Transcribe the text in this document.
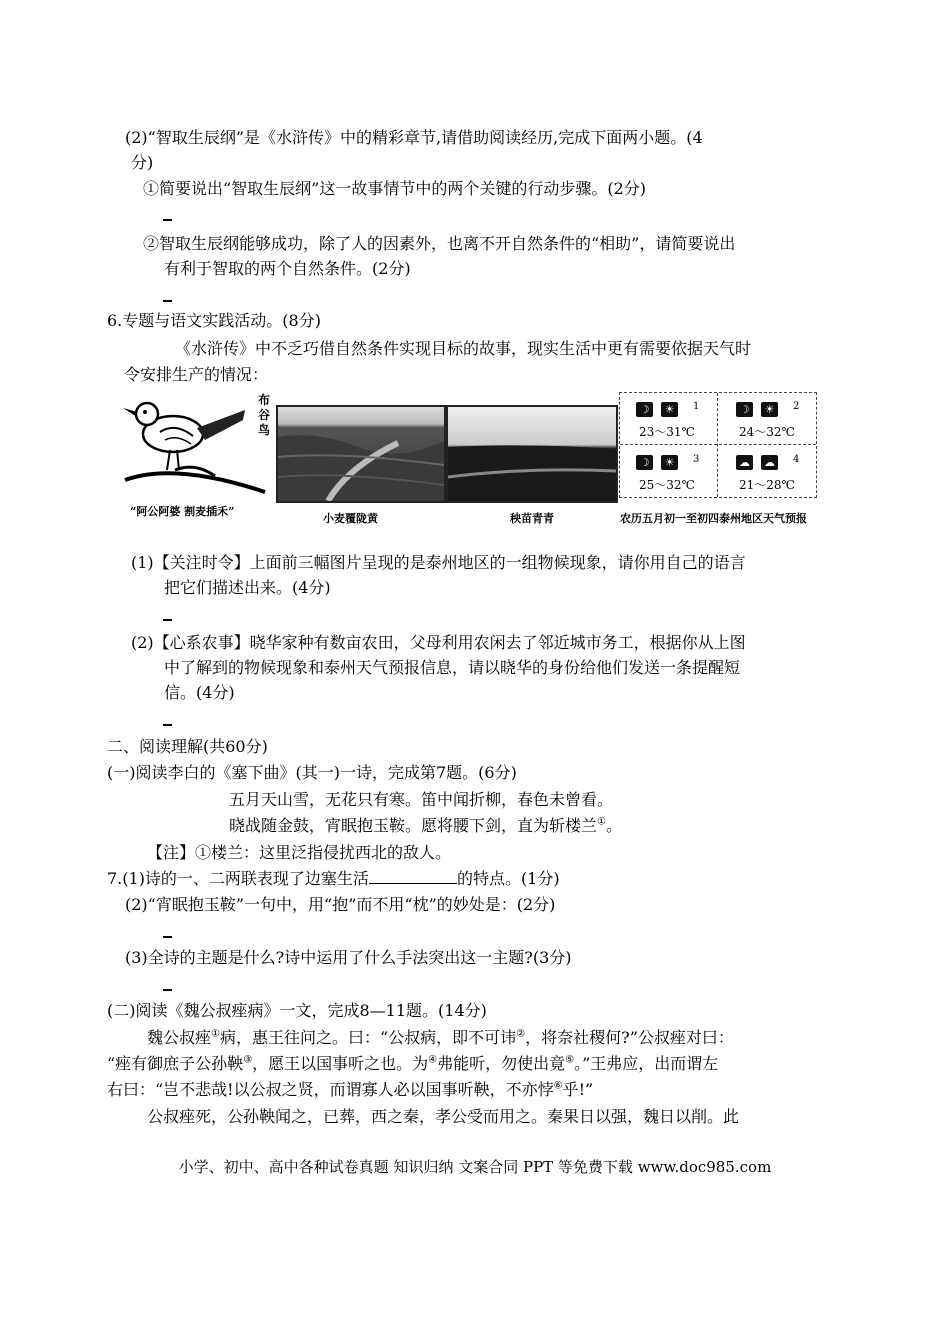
(2)“智取生辰纲”是《水浒传》中的精彩章节,请借助阅读经历,完成下面两小题。(4
分)
①简要说出“智取生辰纲”这一故事情节中的两个关键的行动步骤。(2分)
②智取生辰纲能够成功，除了人的因素外，也离不开自然条件的“相助”，请简要说出
有利于智取的两个自然条件。(2分)
6.专题与语文实践活动。(8分)
《水浒传》中不乏巧借自然条件实现目标的故事，现实生活中更有需要依据天气时
令安排生产的情况：
布谷鸟
“阿公阿婆 割麦插禾”
小麦覆陇黄	秧苗青青
☽	☀	1
23～31℃
☽	☀	2
24～32℃
☽	☀	3
25～32℃
☁ ☁	4
21～28℃
农历五月初一至初四泰州地区天气预报
(1)【关注时令】上面前三幅图片呈现的是泰州地区的一组物候现象，请你用自己的语言
把它们描述出来。(4分)
(2)【心系农事】晓华家种有数亩农田，父母利用农闲去了邻近城市务工，根据你从上图
中了解到的物候现象和泰州天气预报信息，请以晓华的身份给他们发送一条提醒短
信。(4分)
二、阅读理解(共60分)
(一)阅读李白的《塞下曲》(其一)一诗，完成第7题。(6分)
五月天山雪，无花只有寒。笛中闻折柳，春色未曾看。
晓战随金鼓，宵眠抱玉鞍。愿将腰下剑，直为斩楼兰①。
【注】①楼兰：这里泛指侵扰西北的敌人。
7.(1)诗的一、二两联表现了边塞生活	的特点。(1分)
(2)“宵眠抱玉鞍”一句中，用“抱”而不用“枕”的妙处是：(2分)
(3)全诗的主题是什么?诗中运用了什么手法突出这一主题?(3分)
(二)阅读《魏公叔痤病》一文，完成8—11题。(14分)
魏公叔痤①病，惠王往问之。曰：“公叔病，即不可讳②，将奈社稷何?”公叔痤对曰：
“痤有御庶子公孙鞅③，愿王以国事听之也。为④弗能听，勿使出竟⑤。”王弗应，出而谓左
右曰：“岂不悲哉!以公叔之贤，而谓寡人必以国事听鞅，不亦悖⑥乎!”
公叔痤死，公孙鞅闻之，已葬，西之秦，孝公受而用之。秦果日以强，魏日以削。此
小学、初中、高中各种试卷真题 知识归纳 文案合同 PPT 等免费下载 www.doc985.com
